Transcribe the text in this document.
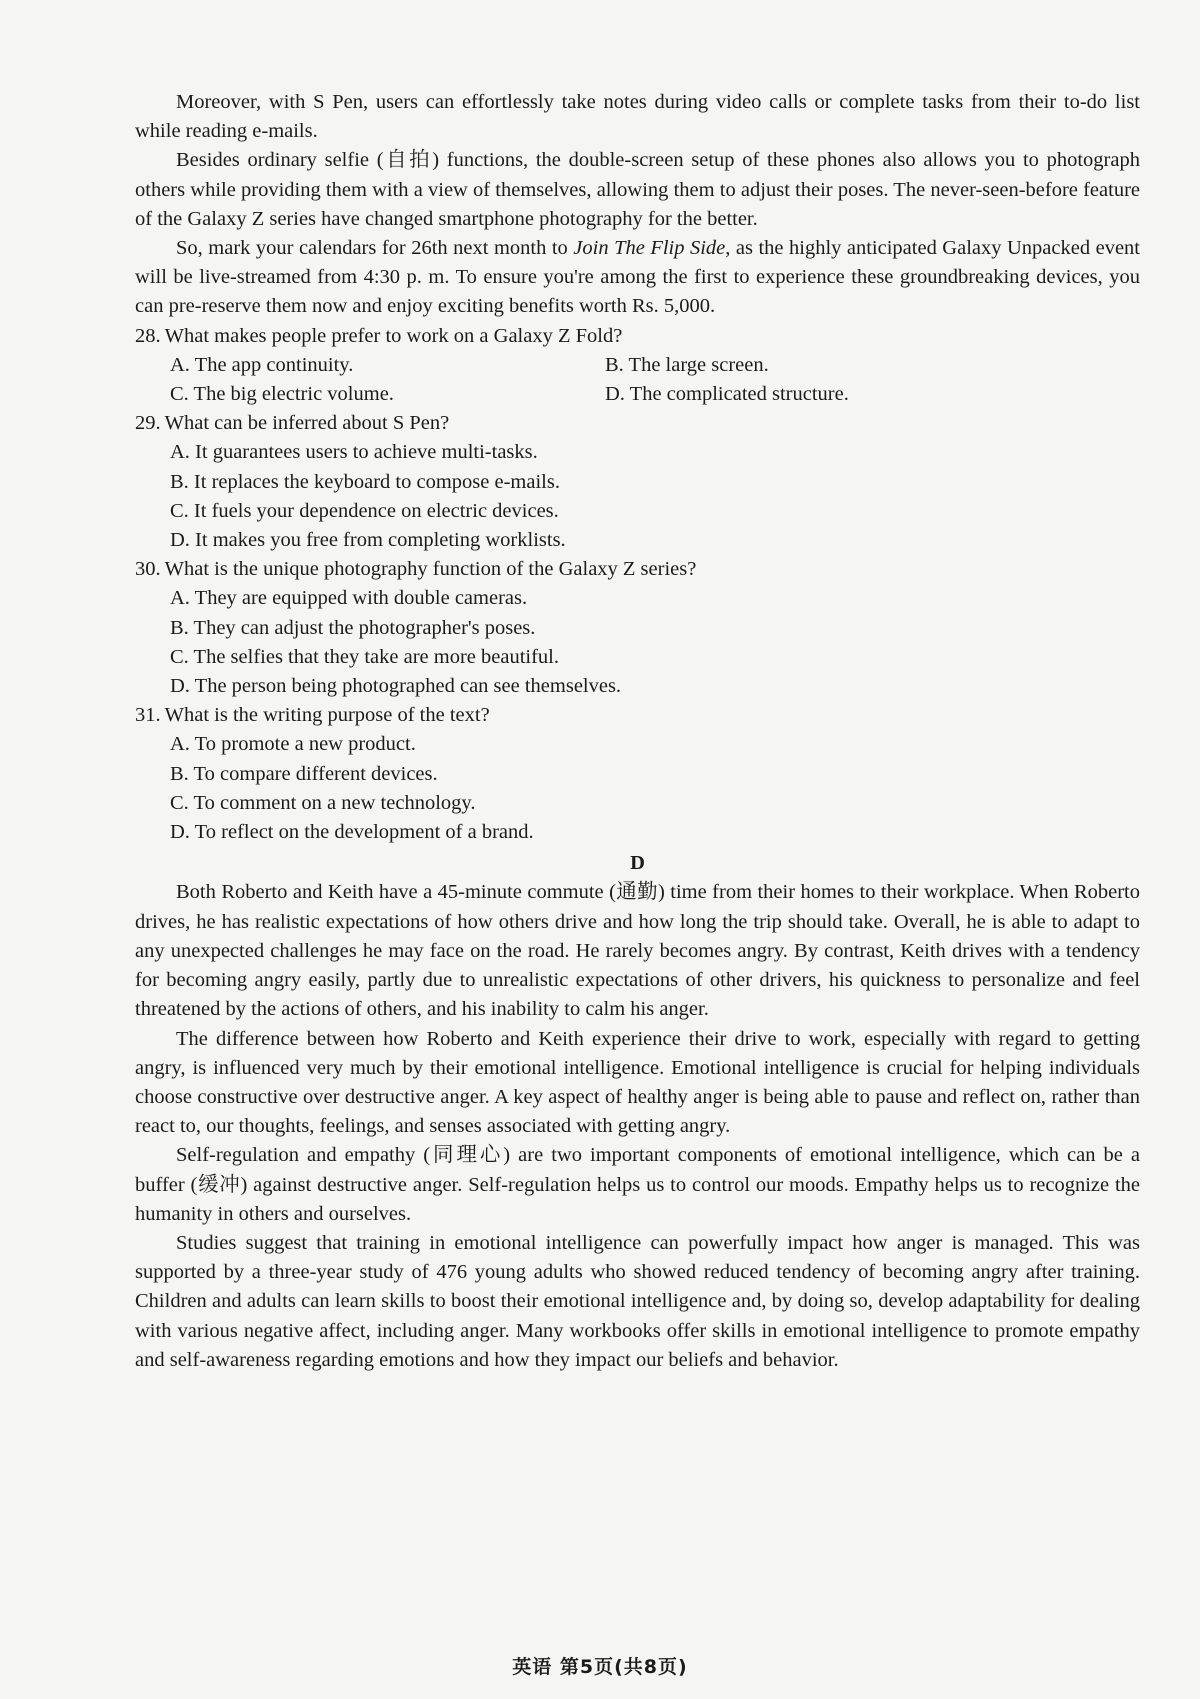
Moreover, with S Pen, users can effortlessly take notes during video calls or complete tasks from their to-do list while reading e-mails.

Besides ordinary selfie (自拍) functions, the double-screen setup of these phones also allows you to photograph others while providing them with a view of themselves, allowing them to adjust their poses. The never-seen-before feature of the Galaxy Z series have changed smartphone photography for the better.

So, mark your calendars for 26th next month to Join The Flip Side, as the highly anticipated Galaxy Unpacked event will be live-streamed from 4:30 p. m. To ensure you're among the first to experience these groundbreaking devices, you can pre-reserve them now and enjoy exciting benefits worth Rs. 5,000.

28. What makes people prefer to work on a Galaxy Z Fold?

A. The app continuity.	B. The large screen.

C. The big electric volume.	D. The complicated structure.

29. What can be inferred about S Pen?

A. It guarantees users to achieve multi-tasks.

B. It replaces the keyboard to compose e-mails.

C. It fuels your dependence on electric devices.

D. It makes you free from completing worklists.

30. What is the unique photography function of the Galaxy Z series?

A. They are equipped with double cameras.

B. They can adjust the photographer's poses.

C. The selfies that they take are more beautiful.

D. The person being photographed can see themselves.

31. What is the writing purpose of the text?

A. To promote a new product.

B. To compare different devices.

C. To comment on a new technology.

D. To reflect on the development of a brand.

D

Both Roberto and Keith have a 45-minute commute (通勤) time from their homes to their workplace. When Roberto drives, he has realistic expectations of how others drive and how long the trip should take. Overall, he is able to adapt to any unexpected challenges he may face on the road. He rarely becomes angry. By contrast, Keith drives with a tendency for becoming angry easily, partly due to unrealistic expectations of other drivers, his quickness to personalize and feel threatened by the actions of others, and his inability to calm his anger.

The difference between how Roberto and Keith experience their drive to work, especially with regard to getting angry, is influenced very much by their emotional intelligence. Emotional intelligence is crucial for helping individuals choose constructive over destructive anger. A key aspect of healthy anger is being able to pause and reflect on, rather than react to, our thoughts, feelings, and senses associated with getting angry.

Self-regulation and empathy (同理心) are two important components of emotional intelligence, which can be a buffer (缓冲) against destructive anger. Self-regulation helps us to control our moods. Empathy helps us to recognize the humanity in others and ourselves.

Studies suggest that training in emotional intelligence can powerfully impact how anger is managed. This was supported by a three-year study of 476 young adults who showed reduced tendency of becoming angry after training. Children and adults can learn skills to boost their emotional intelligence and, by doing so, develop adaptability for dealing with various negative affect, including anger. Many workbooks offer skills in emotional intelligence to promote empathy and self-awareness regarding emotions and how they impact our beliefs and behavior.

英语 第5页(共8页)
